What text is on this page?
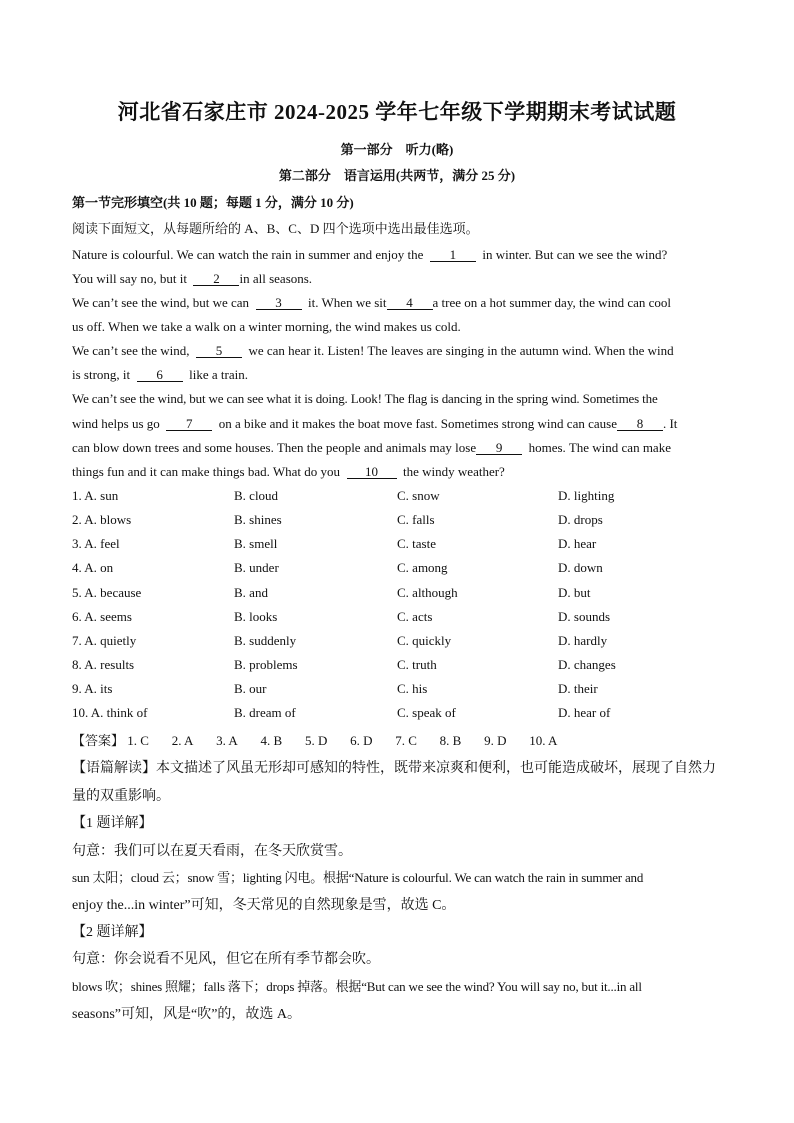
河北省石家庄市 2024-2025 学年七年级下学期期末考试试题
第一部分　听力(略)
第二部分　语言运用(共两节，满分 25 分)
第一节完形填空(共 10 题；每题 1 分，满分 10 分)
阅读下面短文，从每题所给的 A、B、C、D 四个选项中选出最佳选项。
Nature is colourful. We can watch the rain in summer and enjoy the 1 in winter. But can we see the wind?
You will say no, but it 2 in all seasons.
We can’t see the wind, but we can 3 it. When we sit 4 a tree on a hot summer day, the wind can cool
us off. When we take a walk on a winter morning, the wind makes us cold.
We can’t see the wind, 5 we can hear it. Listen! The leaves are singing in the autumn wind. When the wind
is strong, it 6 like a train.
We can’t see the wind, but we can see what it is doing. Look! The flag is dancing in the spring wind. Sometimes the
wind helps us go 7 on a bike and it makes the boat move fast. Sometimes strong wind can cause 8 . It
can blow down trees and some houses. Then the people and animals may lose 9 homes. The wind can make
things fun and it can make things bad. What do you 10 the windy weather?
1. A. sun	B. cloud	C. snow	D. lighting
2. A. blows	B. shines	C. falls	D. drops
3. A. feel	B. smell	C. taste	D. hear
4. A. on	B. under	C. among	D. down
5. A. because	B. and	C. although	D. but
6. A. seems	B. looks	C. acts	D. sounds
7. A. quietly	B. suddenly	C. quickly	D. hardly
8. A. results	B. problems	C. truth	D. changes
9. A. its	B. our	C. his	D. their
10. A. think of	B. dream of	C. speak of	D. hear of
【答案】 1. C 2. A 3. A 4. B 5. D 6. D 7. C 8. B 9. D 10. A
【语篇解读】本文描述了风虽无形却可感知的特性，既带来凉爽和便利，也可能造成破坏，展现了自然力
量的双重影响。
【1 题详解】
句意：我们可以在夏天看雨，在冬天欣赏雪。
sun 太阳；cloud 云；snow 雪；lighting 闪电。根据“Nature is colourful. We can watch the rain in summer and
enjoy the...in winter”可知，冬天常见的自然现象是雪，故选 C。
【2 题详解】
句意：你会说看不见风，但它在所有季节都会吹。
blows 吹；shines 照耀；falls 落下；drops 掉落。根据“But can we see the wind? You will say no, but it...in all
seasons”可知，风是“吹”的，故选 A。
